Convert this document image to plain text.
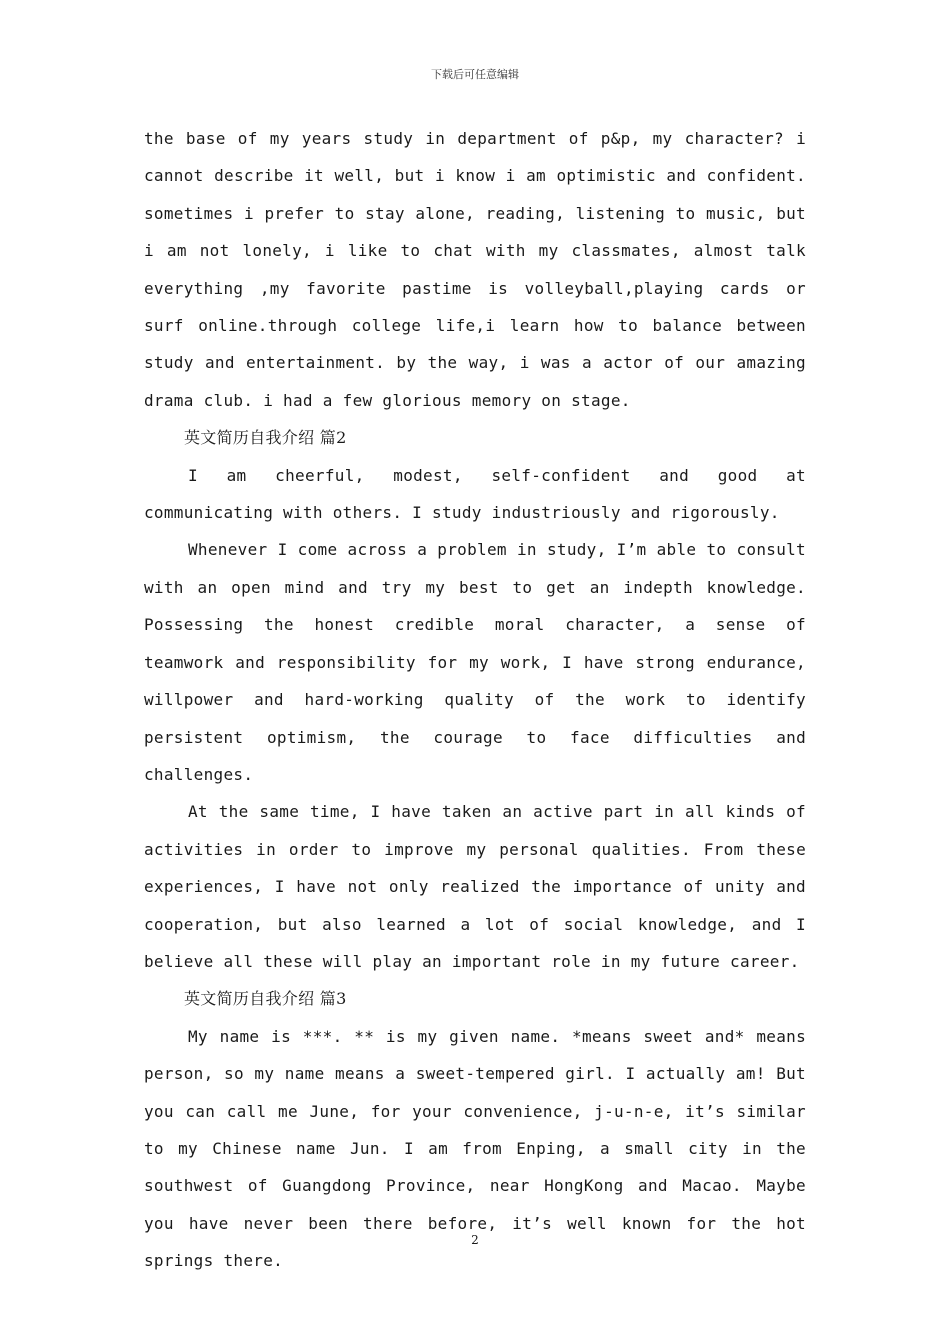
下载后可任意编辑

the base of my years study in department of p&p, my character? i cannot describe it well, but i know i am optimistic and confident. sometimes i prefer to stay alone, reading, listening to music, but i am not lonely, i like to chat with my classmates, almost talk everything ,my favorite pastime is volleyball,playing cards or surf online.through college life,i learn how to balance between study and entertainment. by the way, i was a actor of our amazing drama club. i had a few glorious memory on stage.

英文简历自我介绍 篇2

I am cheerful, modest, self-confident and good at communicating with others. I study industriously and rigorously.

Whenever I come across a problem in study, I’m able to consult with an open mind and try my best to get an indepth knowledge. Possessing the honest credible moral character, a sense of teamwork and responsibility for my work, I have strong endurance, willpower and hard-working quality of the work to identify persistent optimism, the courage to face difficulties and challenges.

At the same time, I have taken an active part in all kinds of activities in order to improve my personal qualities. From these experiences, I have not only realized the importance of unity and cooperation, but also learned a lot of social knowledge, and I believe all these will play an important role in my future career.

英文简历自我介绍 篇3

My name is ***. ** is my given name. *means sweet and* means person, so my name means a sweet-tempered girl. I actually am! But you can call me June, for your convenience, j-u-n-e, it’s similar to my Chinese name Jun. I am from Enping, a small city in the southwest of Guangdong Province, near HongKong and Macao. Maybe you have never been there before, it’s well known for the hot springs there.

2
